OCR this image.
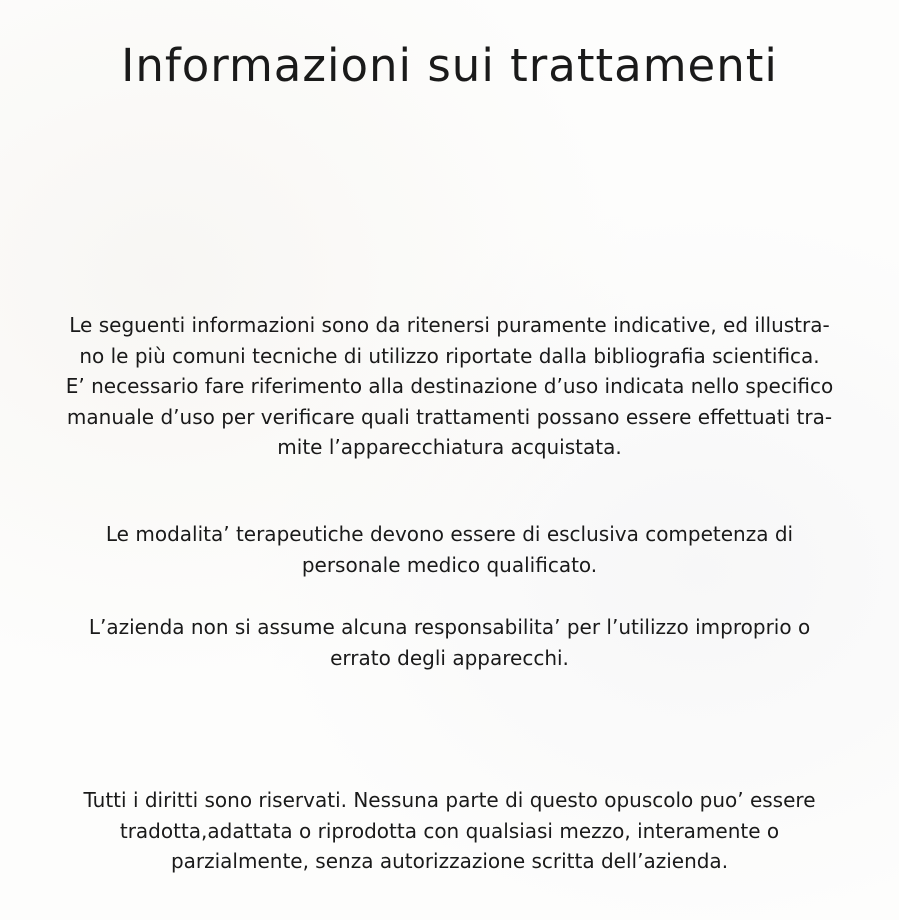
Informazioni sui trattamenti

Le seguenti informazioni sono da ritenersi puramente indicative, ed illustra-
no le più comuni tecniche di utilizzo riportate dalla bibliografia scientifica.
E’ necessario fare riferimento alla destinazione d’uso indicata nello specifico
manuale d’uso per verificare quali trattamenti possano essere effettuati tra-
mite l’apparecchiatura acquistata.

Le modalita’ terapeutiche devono essere di esclusiva competenza di
personale medico qualificato.

L’azienda non si assume alcuna responsabilita’ per l’utilizzo improprio o
errato degli apparecchi.

Tutti i diritti sono riservati. Nessuna parte di questo opuscolo puo’ essere
tradotta,adattata o riprodotta con qualsiasi mezzo, interamente o
parzialmente, senza autorizzazione scritta dell’azienda.
